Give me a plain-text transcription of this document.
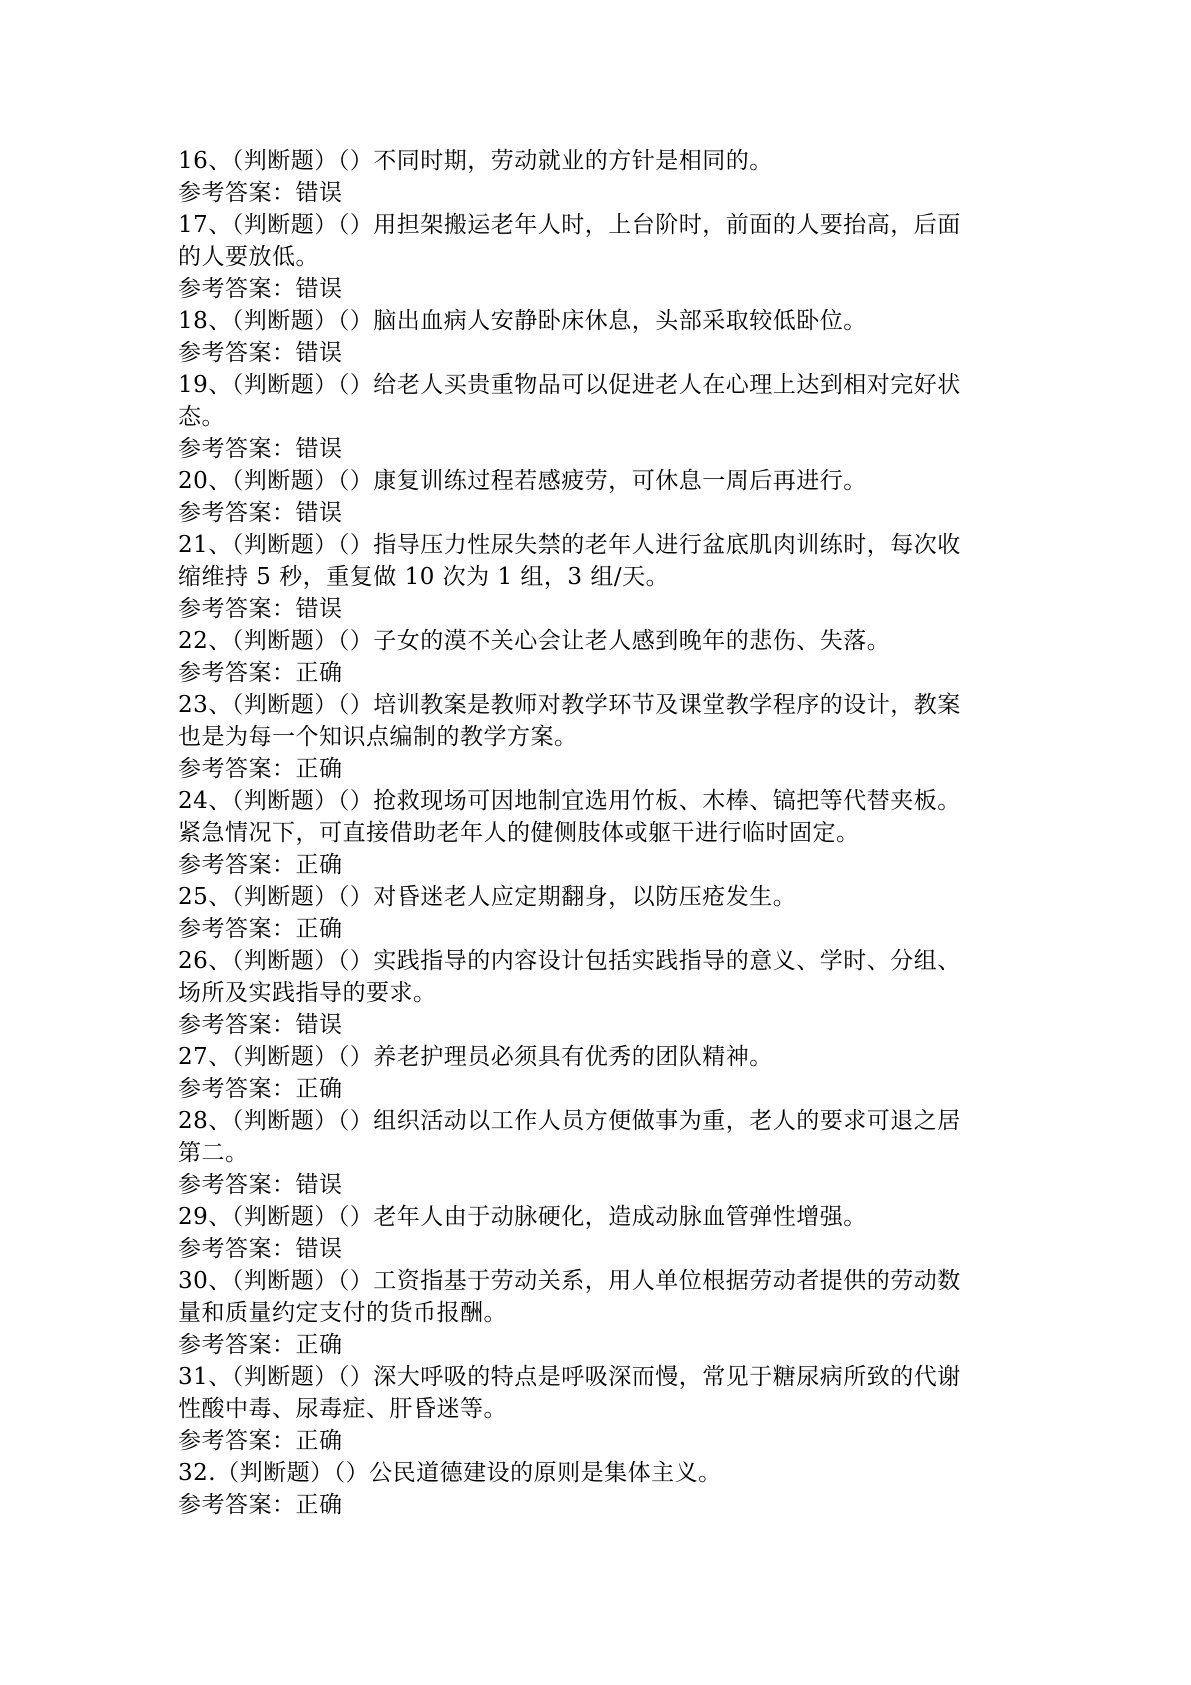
16、（判断题）（）不同时期，劳动就业的方针是相同的。
参考答案：错误
17、（判断题）（）用担架搬运老年人时，上台阶时，前面的人要抬高，后面
的人要放低。
参考答案：错误
18、（判断题）（）脑出血病人安静卧床休息，头部采取较低卧位。
参考答案：错误
19、（判断题）（）给老人买贵重物品可以促进老人在心理上达到相对完好状
态。
参考答案：错误
20、（判断题）（）康复训练过程若感疲劳，可休息一周后再进行。
参考答案：错误
21、（判断题）（）指导压力性尿失禁的老年人进行盆底肌肉训练时，每次收
缩维持 5 秒，重复做 10 次为 1 组，3 组/天。
参考答案：错误
22、（判断题）（）子女的漠不关心会让老人感到晚年的悲伤、失落。
参考答案：正确
23、（判断题）（）培训教案是教师对教学环节及课堂教学程序的设计，教案
也是为每一个知识点编制的教学方案。
参考答案：正确
24、（判断题）（）抢救现场可因地制宜选用竹板、木棒、镐把等代替夹板。
紧急情况下，可直接借助老年人的健侧肢体或躯干进行临时固定。
参考答案：正确
25、（判断题）（）对昏迷老人应定期翻身，以防压疮发生。
参考答案：正确
26、（判断题）（）实践指导的内容设计包括实践指导的意义、学时、分组、
场所及实践指导的要求。
参考答案：错误
27、（判断题）（）养老护理员必须具有优秀的团队精神。
参考答案：正确
28、（判断题）（）组织活动以工作人员方便做事为重，老人的要求可退之居
第二。
参考答案：错误
29、（判断题）（）老年人由于动脉硬化，造成动脉血管弹性增强。
参考答案：错误
30、（判断题）（）工资指基于劳动关系，用人单位根据劳动者提供的劳动数
量和质量约定支付的货币报酬。
参考答案：正确
31、（判断题）（）深大呼吸的特点是呼吸深而慢，常见于糖尿病所致的代谢
性酸中毒、尿毒症、肝昏迷等。
参考答案：正确
32.（判断题）（）公民道德建设的原则是集体主义。
参考答案：正确
